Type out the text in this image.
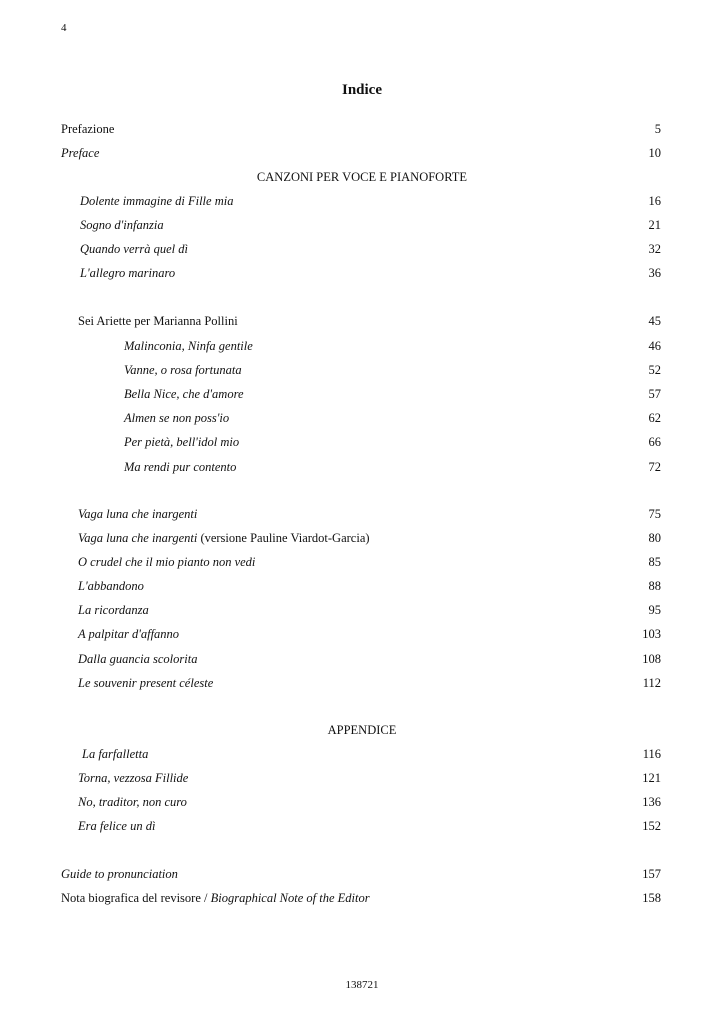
4
Indice
Prefazione	5
Preface	10
CANZONI PER VOCE E PIANOFORTE
Dolente immagine di Fille mia	16
Sogno d'infanzia	21
Quando verrà quel dì	32
L'allegro marinaro	36
Sei Ariette per Marianna Pollini	45
Malinconia, Ninfa gentile	46
Vanne, o rosa fortunata	52
Bella Nice, che d'amore	57
Almen se non poss'io	62
Per pietà, bell'idol mio	66
Ma rendi pur contento	72
Vaga luna che inargenti	75
Vaga luna che inargenti (versione Pauline Viardot-Garcia)	80
O crudel che il mio pianto non vedi	85
L'abbandono	88
La ricordanza	95
A palpitar d'affanno	103
Dalla guancia scolorita	108
Le souvenir present céleste	112
APPENDICE
La farfalletta	116
Torna, vezzosa Fillide	121
No, traditor, non curo	136
Era felice un dì	152
Guide to pronunciation	157
Nota biografica del revisore / Biographical Note of the Editor	158
138721
